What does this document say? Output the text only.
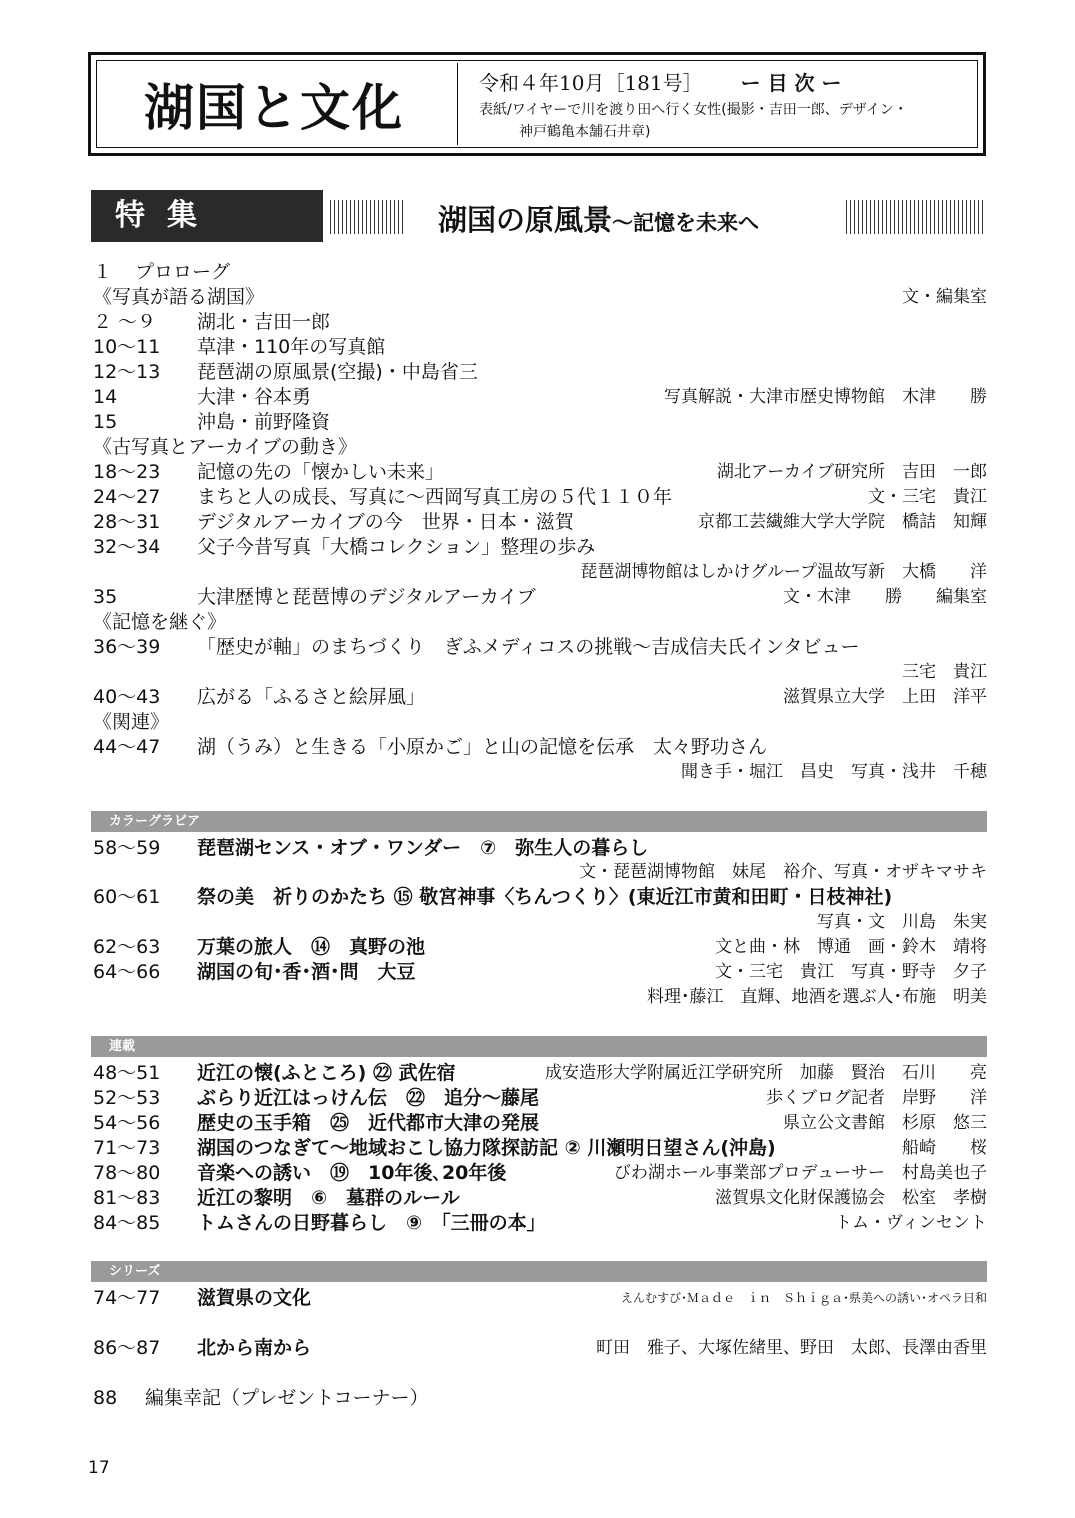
湖国と文化	令和４年10月［181号］ ー 目 次 ー
表紙/ワイヤーで川を渡り田へ行く女性(撮影・吉田一郎、デザイン・
神戸鶴亀本舗石井章)
特集	湖国の原風景～記憶を未来へ
１ プロローグ
《写真が語る湖国》	文・編集室
２ ～９ 湖北・吉田一郎
10～11 草津・110年の写真館
12～13 琵琶湖の原風景(空撮)・中島省三
14	大津・谷本勇	写真解説・大津市歴史博物館　木津　　勝
15	沖島・前野隆資
《古写真とアーカイブの動き》
18～23 記憶の先の「懐かしい未来」	湖北アーカイブ研究所　吉田　一郎
24～27 まちと人の成長、写真に～西岡写真工房の５代１１０年	文・三宅　貴江
28～31 デジタルアーカイブの今　世界・日本・滋賀	京都工芸繊維大学大学院　橋詰　知輝
32～34 父子今昔写真「大橋コレクション」整理の歩み
琵琶湖博物館はしかけグループ温故写新　大橋　　洋
35	大津歴博と琵琶博のデジタルアーカイブ	文・木津　　勝　　編集室
《記憶を継ぐ》
36～39 「歴史が軸」のまちづくり　ぎふメディコスの挑戦～吉成信夫氏インタビュー
三宅　貴江
40～43 広がる「ふるさと絵屏風」	滋賀県立大学　上田　洋平
《関連》
44～47 湖（うみ）と生きる「小原かご」と山の記憶を伝承　太々野功さん
聞き手・堀江　昌史　写真・浅井　千穂
カラーグラビア
58～59 琵琶湖センス・オブ・ワンダー　⑦　弥生人の暮らし
文・琵琶湖博物館　妹尾　裕介、写真・オザキマサキ
60～61 祭の美　祈りのかたち ⑮ 敬宮神事〈ちんつくり〉(東近江市黄和田町・日枝神社)
写真・文　川島　朱実
62～63 万葉の旅人　⑭　真野の池	文と曲・林　博通　画・鈴木　靖将
64～66 湖国の旬･香･酒･問　大豆	文・三宅　貴江　写真・野寺　夕子
料理･藤江　直輝、地酒を選ぶ人･布施　明美
連載
48～51 近江の懐(ふところ) ㉒ 武佐宿	成安造形大学附属近江学研究所　加藤　賢治　石川　　亮
52～53 ぶらり近江はっけん伝　㉒　追分～藤尾	歩くブログ記者　岸野　　洋
54～56 歴史の玉手箱　㉕　近代都市大津の発展	県立公文書館　杉原　悠三
71～73 湖国のつなぎて～地域おこし協力隊探訪記 ② 川瀬明日望さん(沖島)	船崎　　桜
78～80 音楽への誘い　⑲　10年後､20年後	びわ湖ホール事業部プロデューサー　村島美也子
81～83 近江の黎明　⑥　墓群のルール	滋賀県文化財保護協会　松室　孝樹
84～85 トムさんの日野暮らし　⑨　「三冊の本」	トム・ヴィンセント
シリーズ
74～77 滋賀県の文化	えんむすび･Ｍａｄｅ　ｉｎ　Ｓｈｉｇａ･県美への誘い･オペラ日和
86～87 北から南から	町田　雅子、大塚佐緒里、野田　太郎、長澤由香里
88 編集幸記（プレゼントコーナー）
17
